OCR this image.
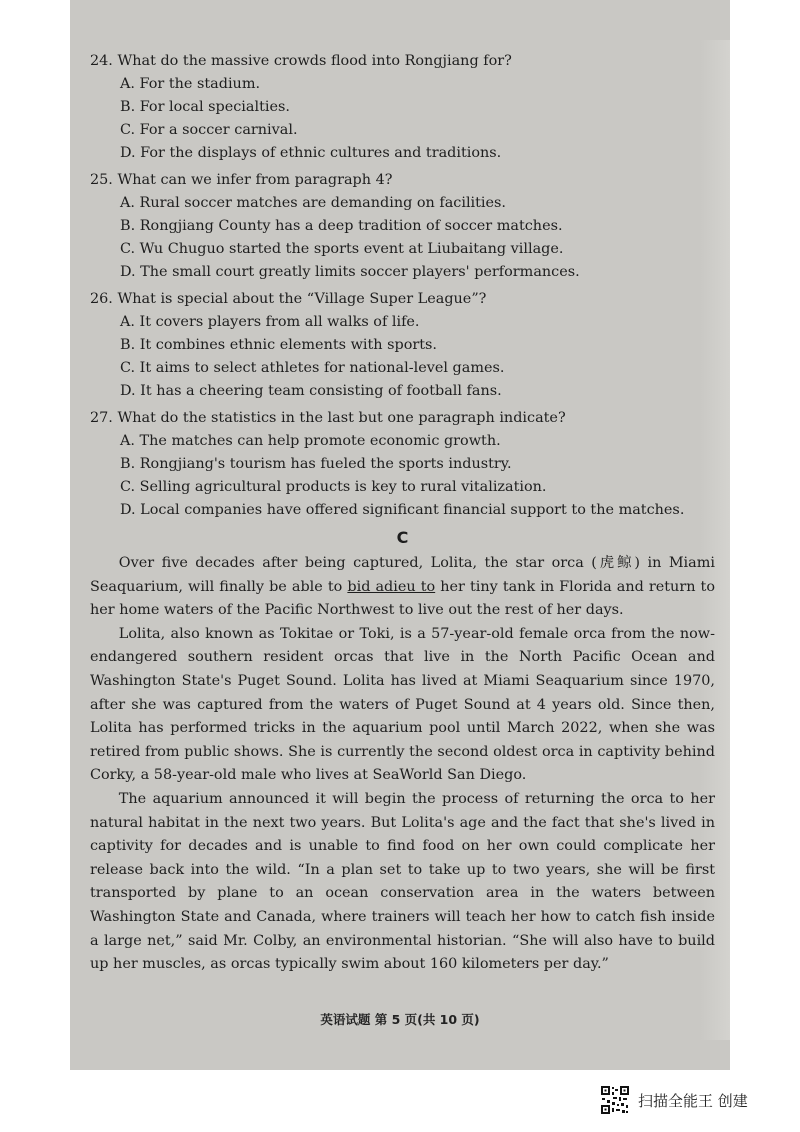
24. What do the massive crowds flood into Rongjiang for?
A. For the stadium.
B. For local specialties.
C. For a soccer carnival.
D. For the displays of ethnic cultures and traditions.
25. What can we infer from paragraph 4?
A. Rural soccer matches are demanding on facilities.
B. Rongjiang County has a deep tradition of soccer matches.
C. Wu Chuguo started the sports event at Liubaitang village.
D. The small court greatly limits soccer players' performances.
26. What is special about the “Village Super League”?
A. It covers players from all walks of life.
B. It combines ethnic elements with sports.
C. It aims to select athletes for national-level games.
D. It has a cheering team consisting of football fans.
27. What do the statistics in the last but one paragraph indicate?
A. The matches can help promote economic growth.
B. Rongjiang's tourism has fueled the sports industry.
C. Selling agricultural products is key to rural vitalization.
D. Local companies have offered significant financial support to the matches.
C

Over five decades after being captured, Lolita, the star orca (虎鲸) in Miami Seaquarium, will finally be able to bid adieu to her tiny tank in Florida and return to her home waters of the Pacific Northwest to live out the rest of her days.

Lolita, also known as Tokitae or Toki, is a 57-year-old female orca from the now-endangered southern resident orcas that live in the North Pacific Ocean and Washington State's Puget Sound. Lolita has lived at Miami Seaquarium since 1970, after she was captured from the waters of Puget Sound at 4 years old. Since then, Lolita has performed tricks in the aquarium pool until March 2022, when she was retired from public shows. She is currently the second oldest orca in captivity behind Corky, a 58-year-old male who lives at SeaWorld San Diego.

The aquarium announced it will begin the process of returning the orca to her natural habitat in the next two years. But Lolita's age and the fact that she's lived in captivity for decades and is unable to find food on her own could complicate her release back into the wild. “In a plan set to take up to two years, she will be first transported by plane to an ocean conservation area in the waters between Washington State and Canada, where trainers will teach her how to catch fish inside a large net,” said Mr. Colby, an environmental historian. “She will also have to build up her muscles, as orcas typically swim about 160 kilometers per day.”

英语试题 第 5 页(共 10 页)
扫描全能王 创建
